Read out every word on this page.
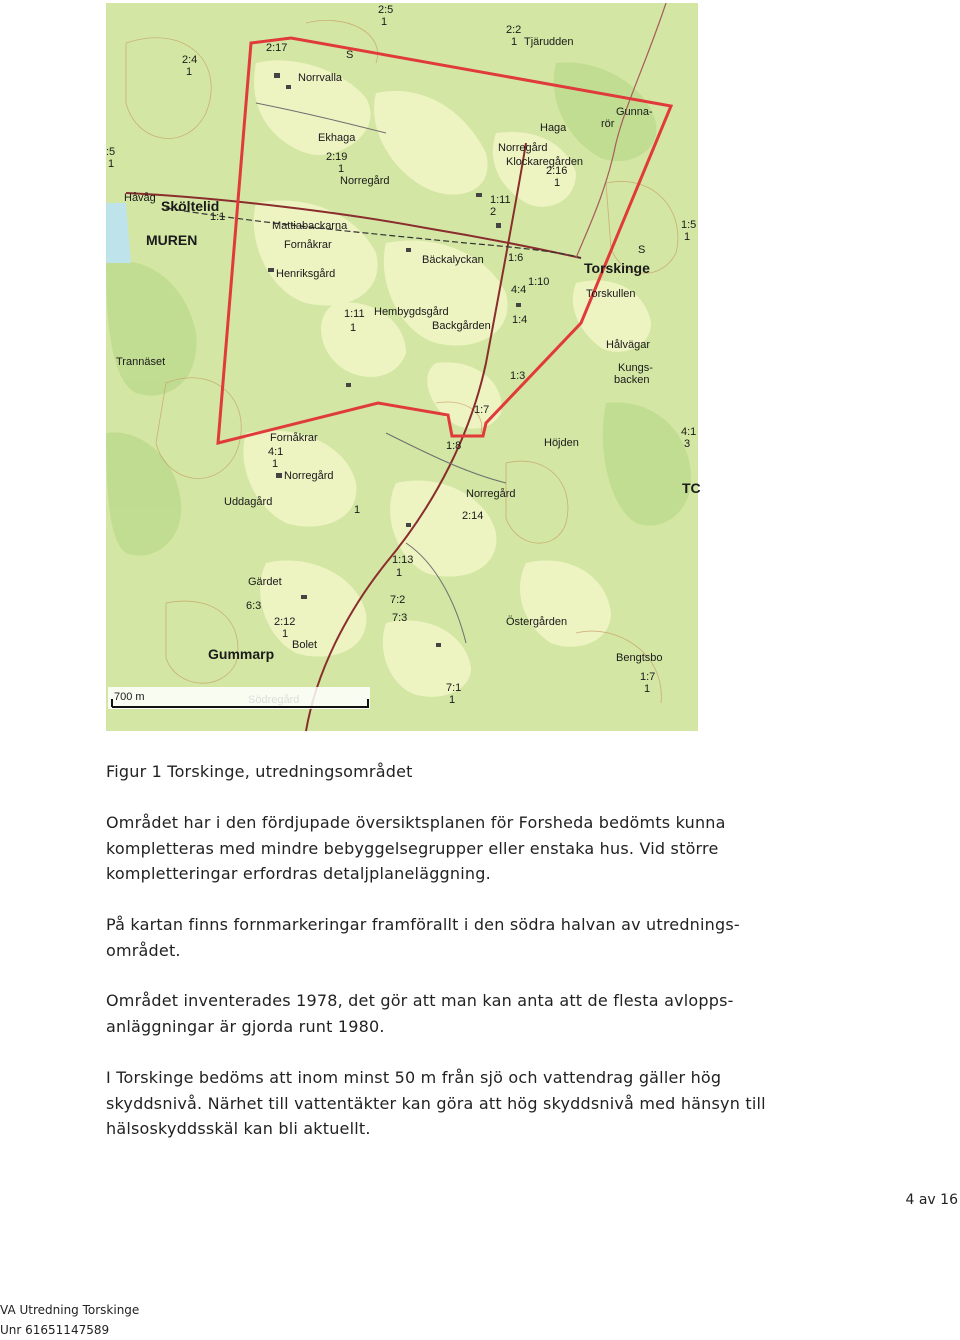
2:5
1
2:2
1 Tjärudden
2:17
S
2:4
1	Norrvalla
Gunna-
rör
Haga
Ekhaga
Norregård
2:19
1	2:16
1
Norregård
Klockaregården
Håvåg Sköltelid
1:1
1:11
2
1:5
1
Mattiabackarna
Fornåkrar
MUREN
S
Bäckalyckan 1:6
Torskinge
Henriksgård
1:10
4:4	Torskullen
1:11 Hembygdsgård
1	Backgården 1:4
Hålvägar
Trannäset	Kungs-
backen
1:3
1:7
Fornåkrar
4:1
1
1:8	Höjden
4:1
3
Norregård
TC
Uddagård
Norregård
2:14
1
1:13
1
Gärdet
7:2
6:3
7:3
2:12
1
Östergården
Bolet
Gummarp	Bengtsbo
1:7
1
7:1
1
:5
1
700 m

Figur 1 Torskinge, utredningsområdet

Området har i den fördjupade översiktsplanen för Forsheda bedömts kunna

kompletteras med mindre bebyggelsegrupper eller enstaka hus. Vid större

kompletteringar erfordras detaljplaneläggning.

På kartan finns fornmarkeringar framförallt i den södra halvan av utrednings-

området.

Området inventerades 1978, det gör att man kan anta att de flesta avlopps-

anläggningar är gjorda runt 1980.

I Torskinge bedöms att inom minst 50 m från sjö och vattendrag gäller hög

skyddsnivå. Närhet till vattentäkter kan göra att hög skyddsnivå med hänsyn till

hälsoskyddsskäl kan bli aktuellt.

4 av 16
VA Utredning Torskinge
Unr 61651147589
